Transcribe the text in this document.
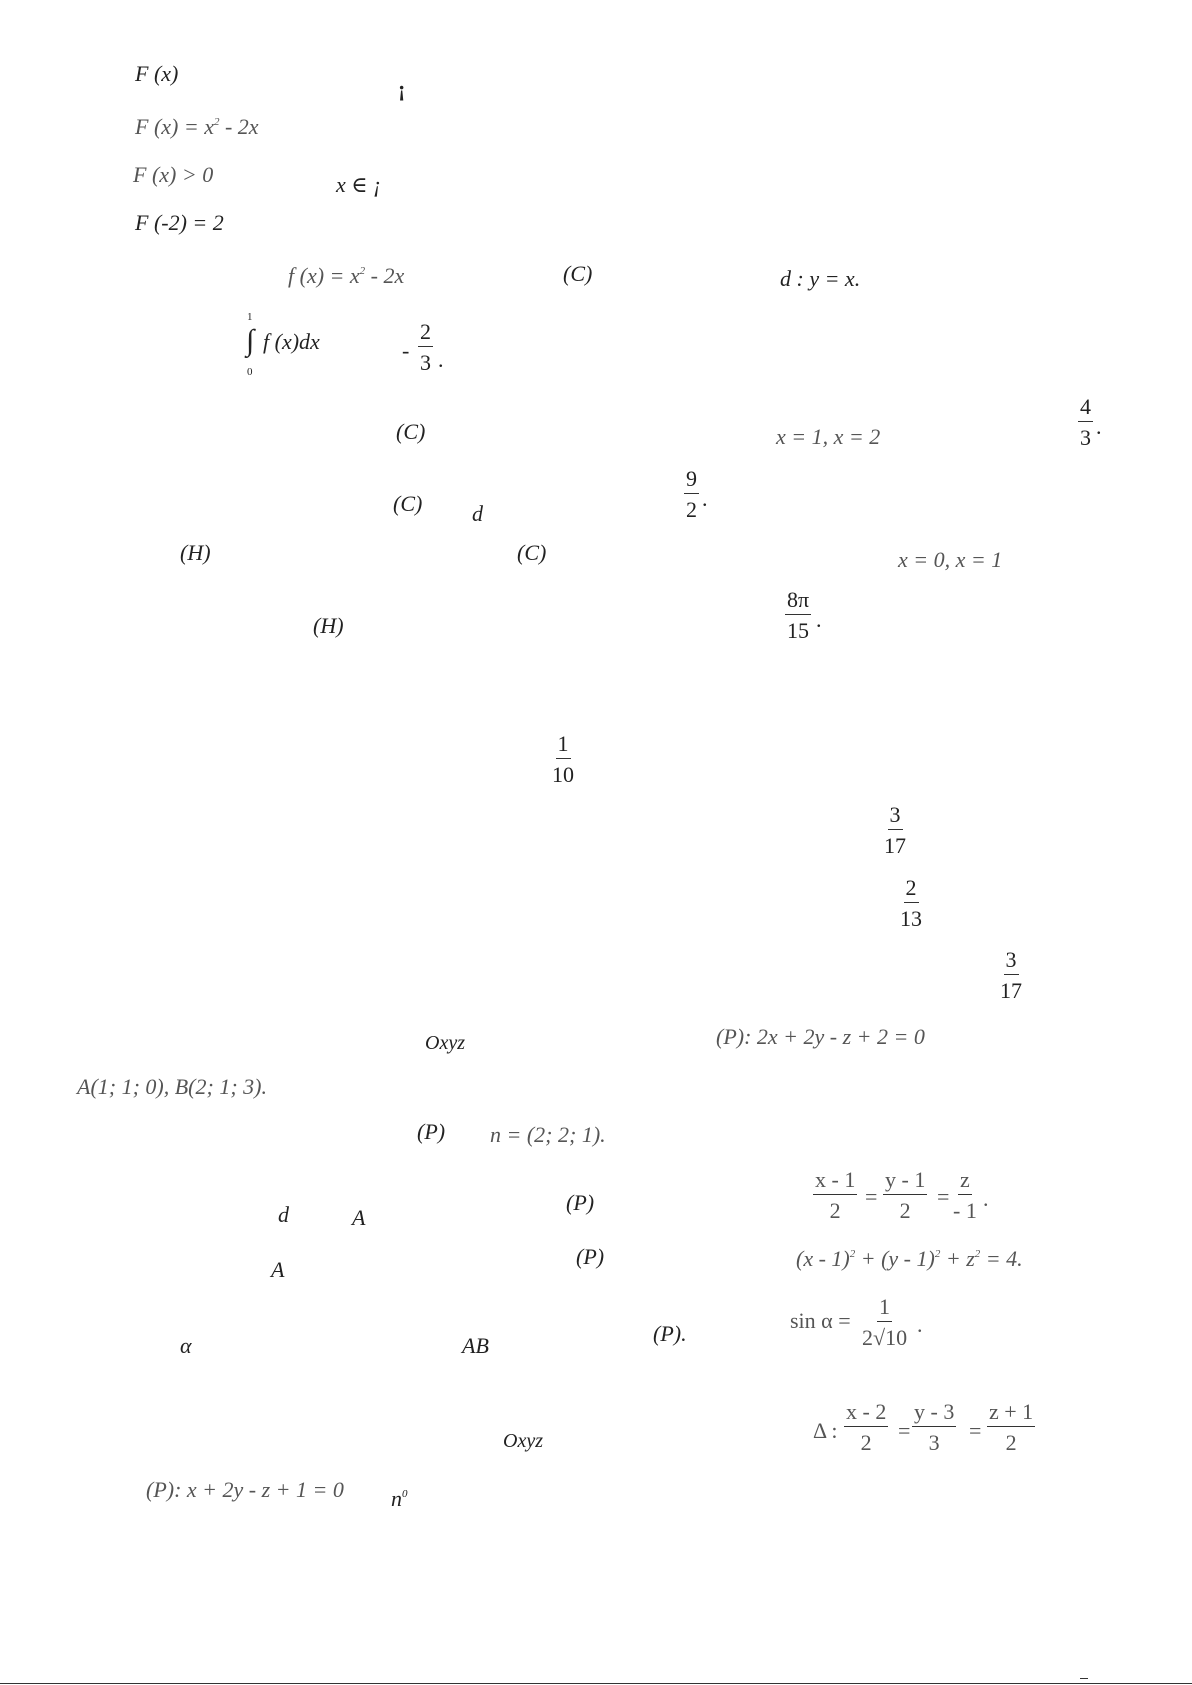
F (x)
¡
F $(x) = x^2 - 2x$
F (x) > 0	x ∈ ¡
F (-2) = 2
f $(x) = x^2 - 2x$	(C)	d : y = x.
1
∫
0
f (x)dx	- $\frac{2}{3}$ .
(C)	x = 1, x = 2	$\frac{4}{3}$ .
(C) d	$\frac{9}{2}$ .
(H)	(C)	x = 0, x = 1
(H)	$\frac{8\pi}{15}$ .
$\frac{1}{10}$
$\frac{3}{17}$
$\frac{2}{13}$
$\frac{3}{17}$
Oxyz	(P): 2x + 2y - z + 2 = 0
A(1; 1; 0), B(2; 1; 3).
(P) n = (2; 2; 1).
d	A
(P)	$\frac{x - 1}{2} = \frac{y - 1}{2} = \frac{z}{- 1}$ .
A
(P)	$(x - 1)^2 + (y - 1)^2 + z^2 = 4$.
α	AB	(P).
$\sin \alpha = \frac{1}{2√10}$ .
Oxyz	Δ : $\frac{x - 2}{2} = \frac{y - 3}{3} = \frac{z + 1}{2}$
(P): x + 2y - z + 1 = 0 $n^0$
